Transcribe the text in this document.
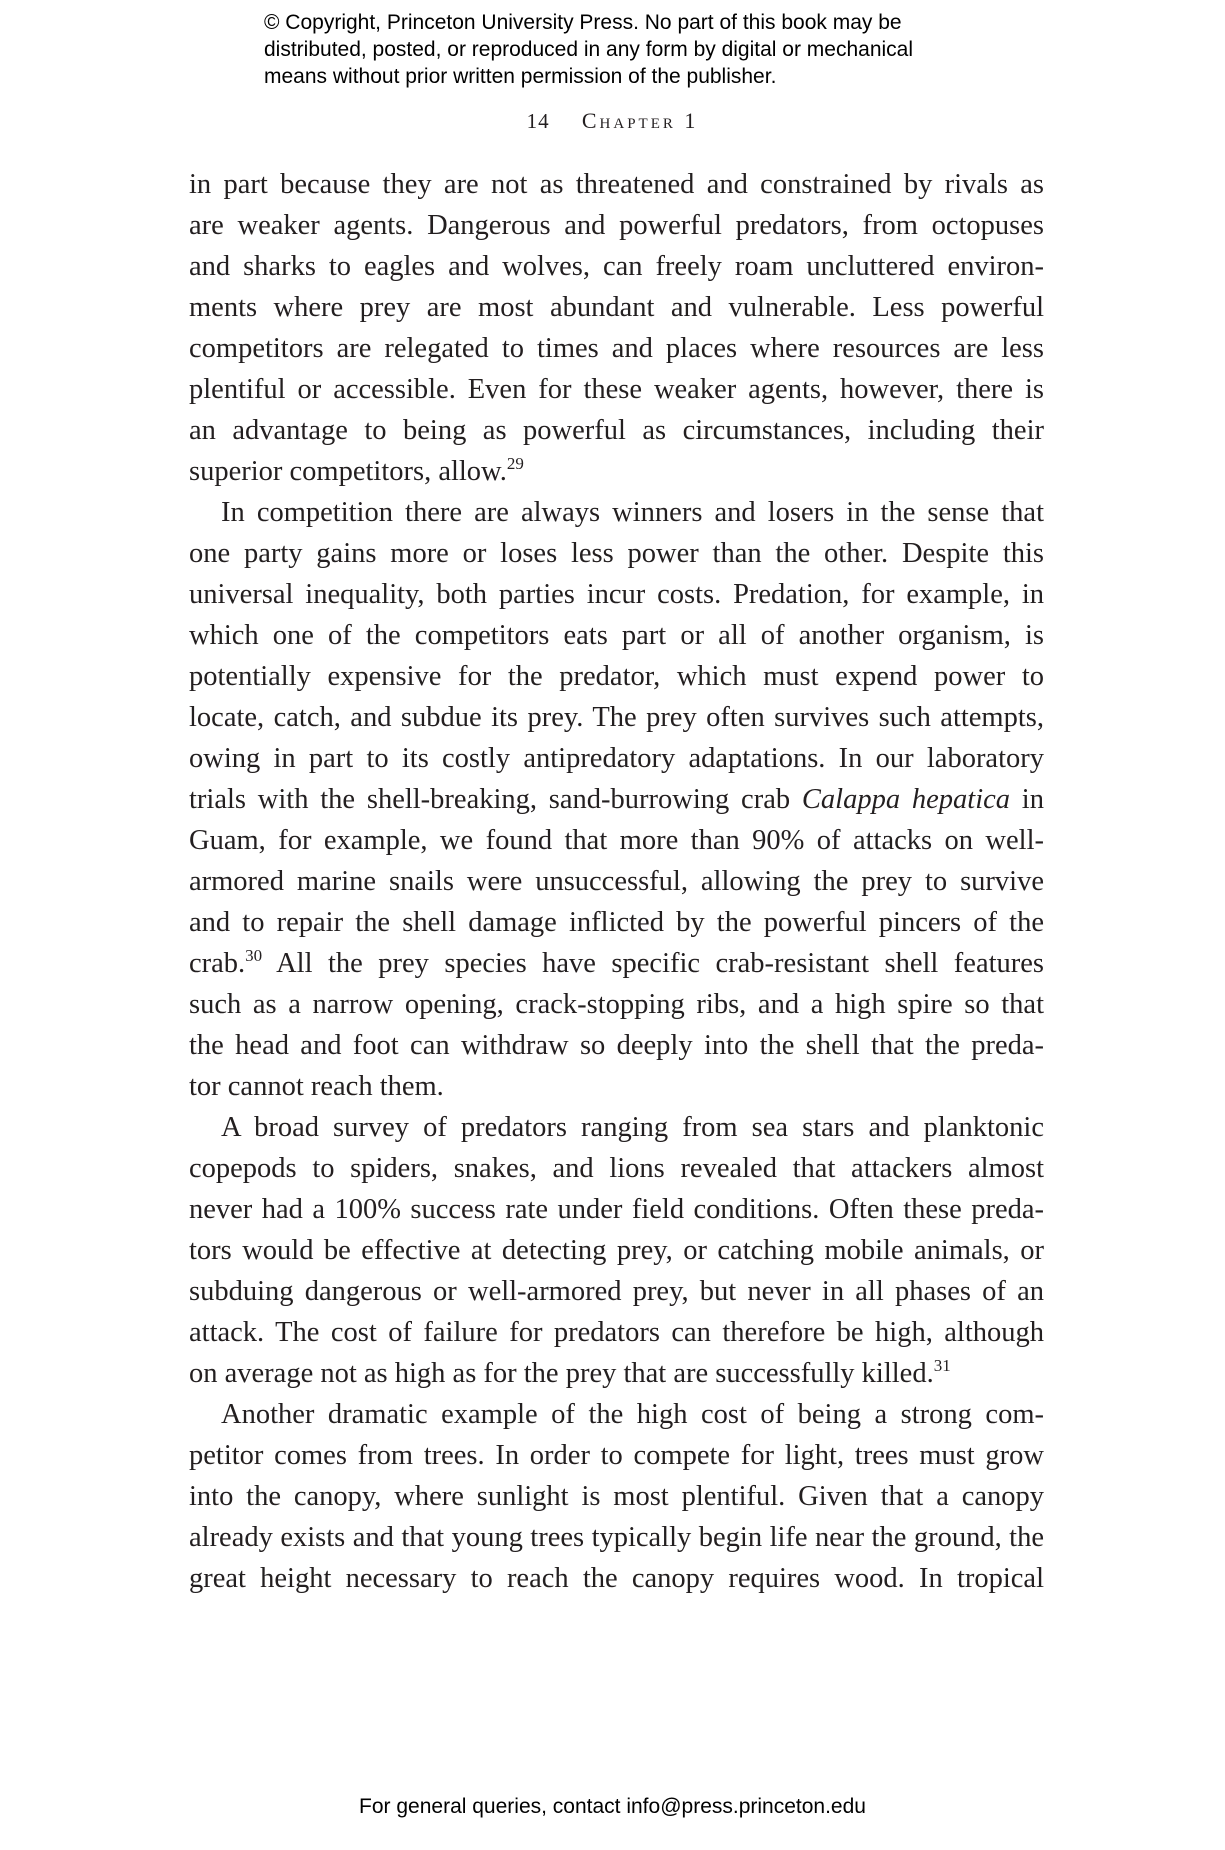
© Copyright, Princeton University Press. No part of this book may be
distributed, posted, or reproduced in any form by digital or mechanical
means without prior written permission of the publisher.
14 Chapter 1
in part because they are not as threatened and constrained by rivals as
are weaker agents. Dangerous and powerful predators, from octopuses
and sharks to eagles and wolves, can freely roam uncluttered environ-
ments where prey are most abundant and vulnerable. Less powerful
competitors are relegated to times and places where resources are less
plentiful or accessible. Even for these weaker agents, however, there is
an advantage to being as powerful as circumstances, including their
superior competitors, allow.$^{29}$
In competition there are always winners and losers in the sense that
one party gains more or loses less power than the other. Despite this
universal inequality, both parties incur costs. Predation, for example, in
which one of the competitors eats part or all of another organism, is
potentially expensive for the predator, which must expend power to
locate, catch, and subdue its prey. The prey often survives such attempts,
owing in part to its costly antipredatory adaptations. In our laboratory
trials with the shell-breaking, sand-burrowing crab Calappa hepatica in
Guam, for example, we found that more than 90% of attacks on well-
armored marine snails were unsuccessful, allowing the prey to survive
and to repair the shell damage inflicted by the powerful pincers of the
crab.$^{30}$ All the prey species have specific crab-resistant shell features
such as a narrow opening, crack-stopping ribs, and a high spire so that
the head and foot can withdraw so deeply into the shell that the preda-
tor cannot reach them.
A broad survey of predators ranging from sea stars and planktonic
copepods to spiders, snakes, and lions revealed that attackers almost
never had a 100% success rate under field conditions. Often these preda-
tors would be effective at detecting prey, or catching mobile animals, or
subduing dangerous or well-armored prey, but never in all phases of an
attack. The cost of failure for predators can therefore be high, although
on average not as high as for the prey that are successfully killed.$^{31}$
Another dramatic example of the high cost of being a strong com-
petitor comes from trees. In order to compete for light, trees must grow
into the canopy, where sunlight is most plentiful. Given that a canopy
already exists and that young trees typically begin life near the ground, the
great height necessary to reach the canopy requires wood. In tropical
For general queries, contact info@press.princeton.edu
